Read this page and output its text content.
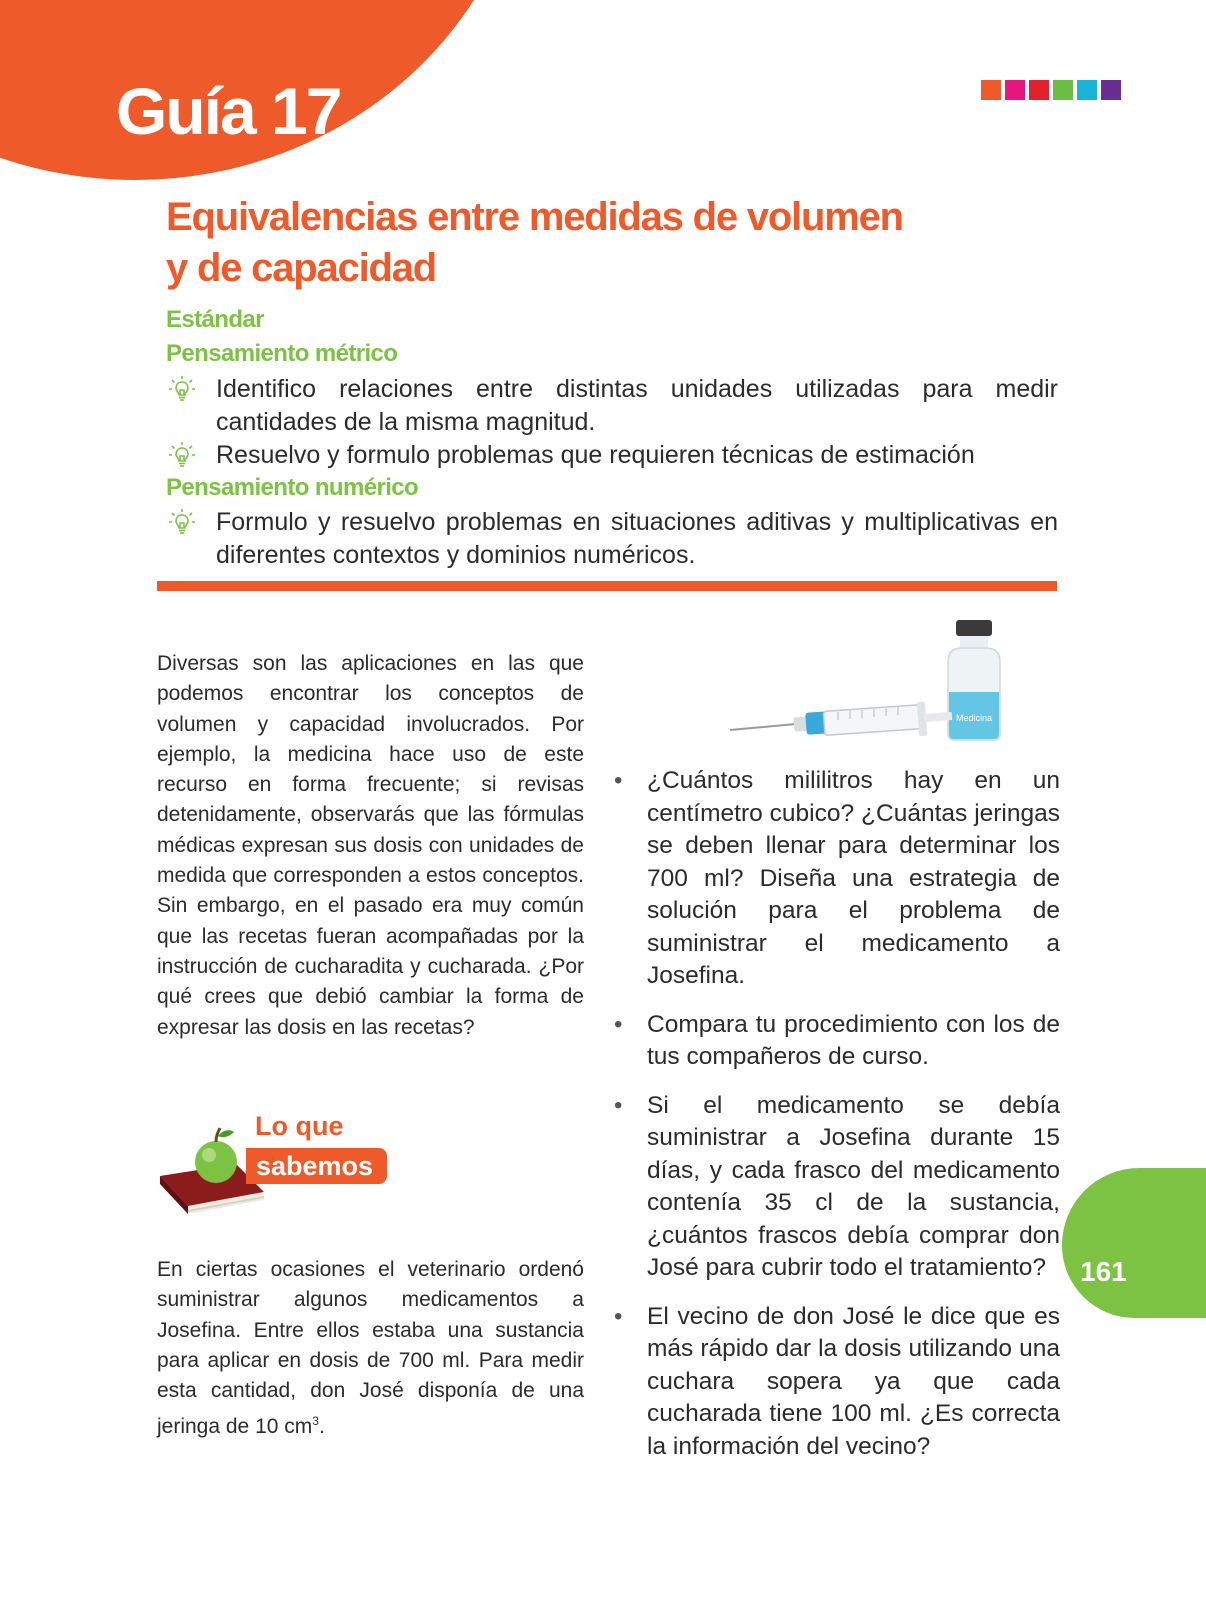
Guía 17
Equivalencias entre medidas de volumen
y de capacidad
Estándar
Pensamiento métrico
Identifico relaciones entre distintas unidades utilizadas para medir cantidades de la misma magnitud.
Resuelvo y formulo problemas que requieren técnicas de estimación
Pensamiento numérico
Formulo y resuelvo problemas en situaciones aditivas y multiplicativas en diferentes contextos y dominios numéricos.

Diversas son las aplicaciones en las que podemos encontrar los conceptos de volumen y capacidad involucrados. Por ejemplo, la medicina hace uso de este recurso en forma frecuente; si revisas detenidamente, observarás que las fórmulas médicas expresan sus dosis con unidades de medida que corresponden a estos conceptos. Sin embargo, en el pasado era muy común que las recetas fueran acompañadas por la instrucción de cucharadita y cucharada. ¿Por qué crees que debió cambiar la forma de expresar las dosis en las recetas?

Lo que
sabemos

En ciertas ocasiones el veterinario ordenó suministrar algunos medicamentos a Josefina. Entre ellos estaba una sustancia para aplicar en dosis de 700 ml. Para medir esta cantidad, don José disponía de una jeringa de 10 $cm^3$.

Medicina
• ¿Cuántos mililitros hay en un centímetro cubico? ¿Cuántas jeringas se deben llenar para determinar los 700 ml? Diseña una estrategia de solución para el problema de suministrar el medicamento a Josefina.
• Compara tu procedimiento con los de tus compañeros de curso.
• Si el medicamento se debía suministrar a Josefina durante 15 días, y cada frasco del medicamento contenía 35 cl de la sustancia, ¿cuántos frascos debía comprar don José para cubrir todo el tratamiento?
• El vecino de don José le dice que es más rápido dar la dosis utilizando una cuchara sopera ya que cada cucharada tiene 100 ml. ¿Es correcta la información del vecino?
161
